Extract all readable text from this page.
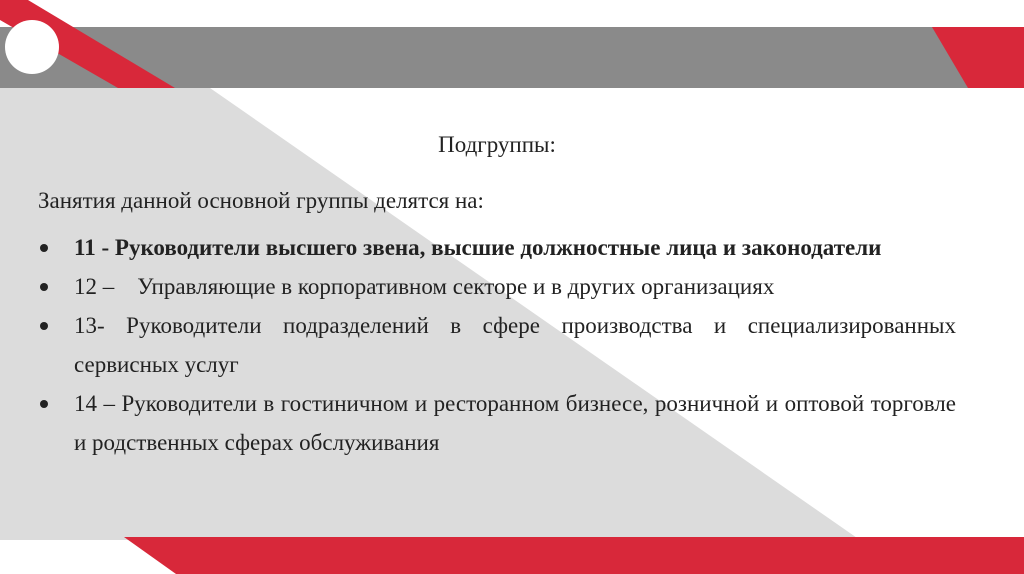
Подгруппы:
Занятия данной основной группы делятся на:
11 - Руководители высшего звена, высшие должностные лица и законодатели
12 –    Управляющие в корпоративном секторе и в других организациях
13- Руководители подразделений в сфере производства и специализированных сервисных услуг
14 – Руководители в гостиничном и ресторанном бизнесе, розничной и оптовой торговле и родственных сферах обслуживания
